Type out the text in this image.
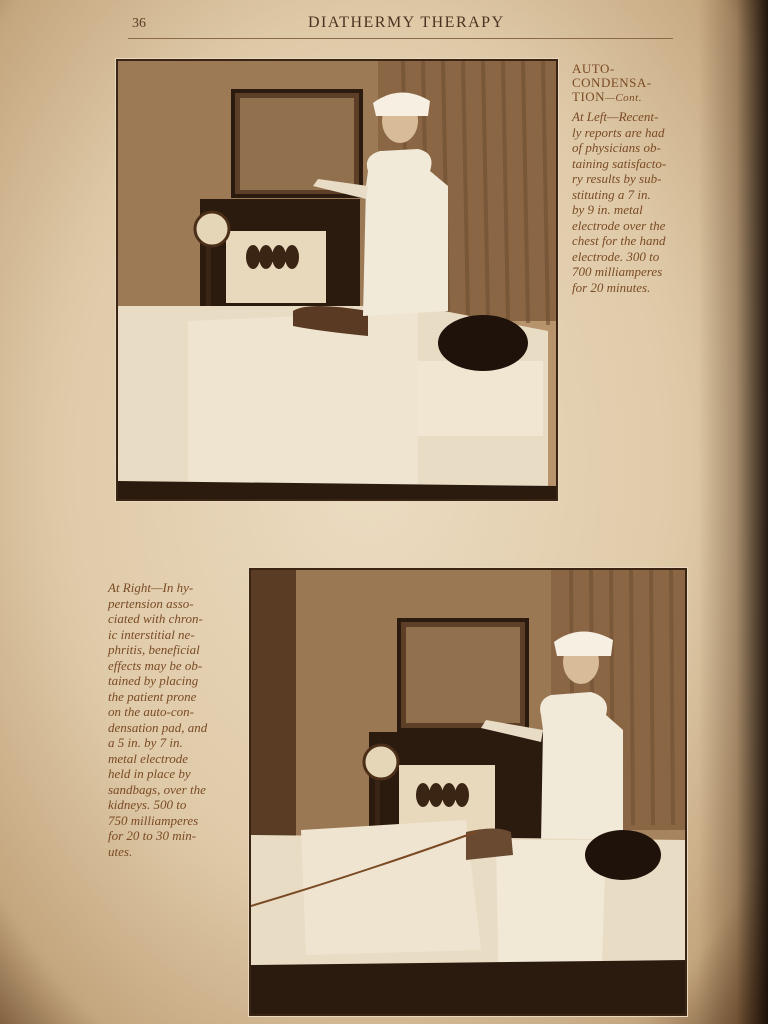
36	DIATHERMY THERAPY
AUTO-
CONDENSA-
TION—Cont.
At Left—Recent-
ly reports are had
of physicians ob-
taining satisfacto-
ry results by sub-
stituting a 7 in.
by 9 in. metal
electrode over the
chest for the hand
electrode. 300 to
700 milliamperes
for 20 minutes.
At Right—In hy-
pertension asso-
ciated with chron-
ic interstitial ne-
phritis, beneficial
effects may be ob-
tained by placing
the patient prone
on the auto-con-
densation pad, and
a 5 in. by 7 in.
metal electrode
held in place by
sandbags, over the
kidneys. 500 to
750 milliamperes
for 20 to 30 min-
utes.
